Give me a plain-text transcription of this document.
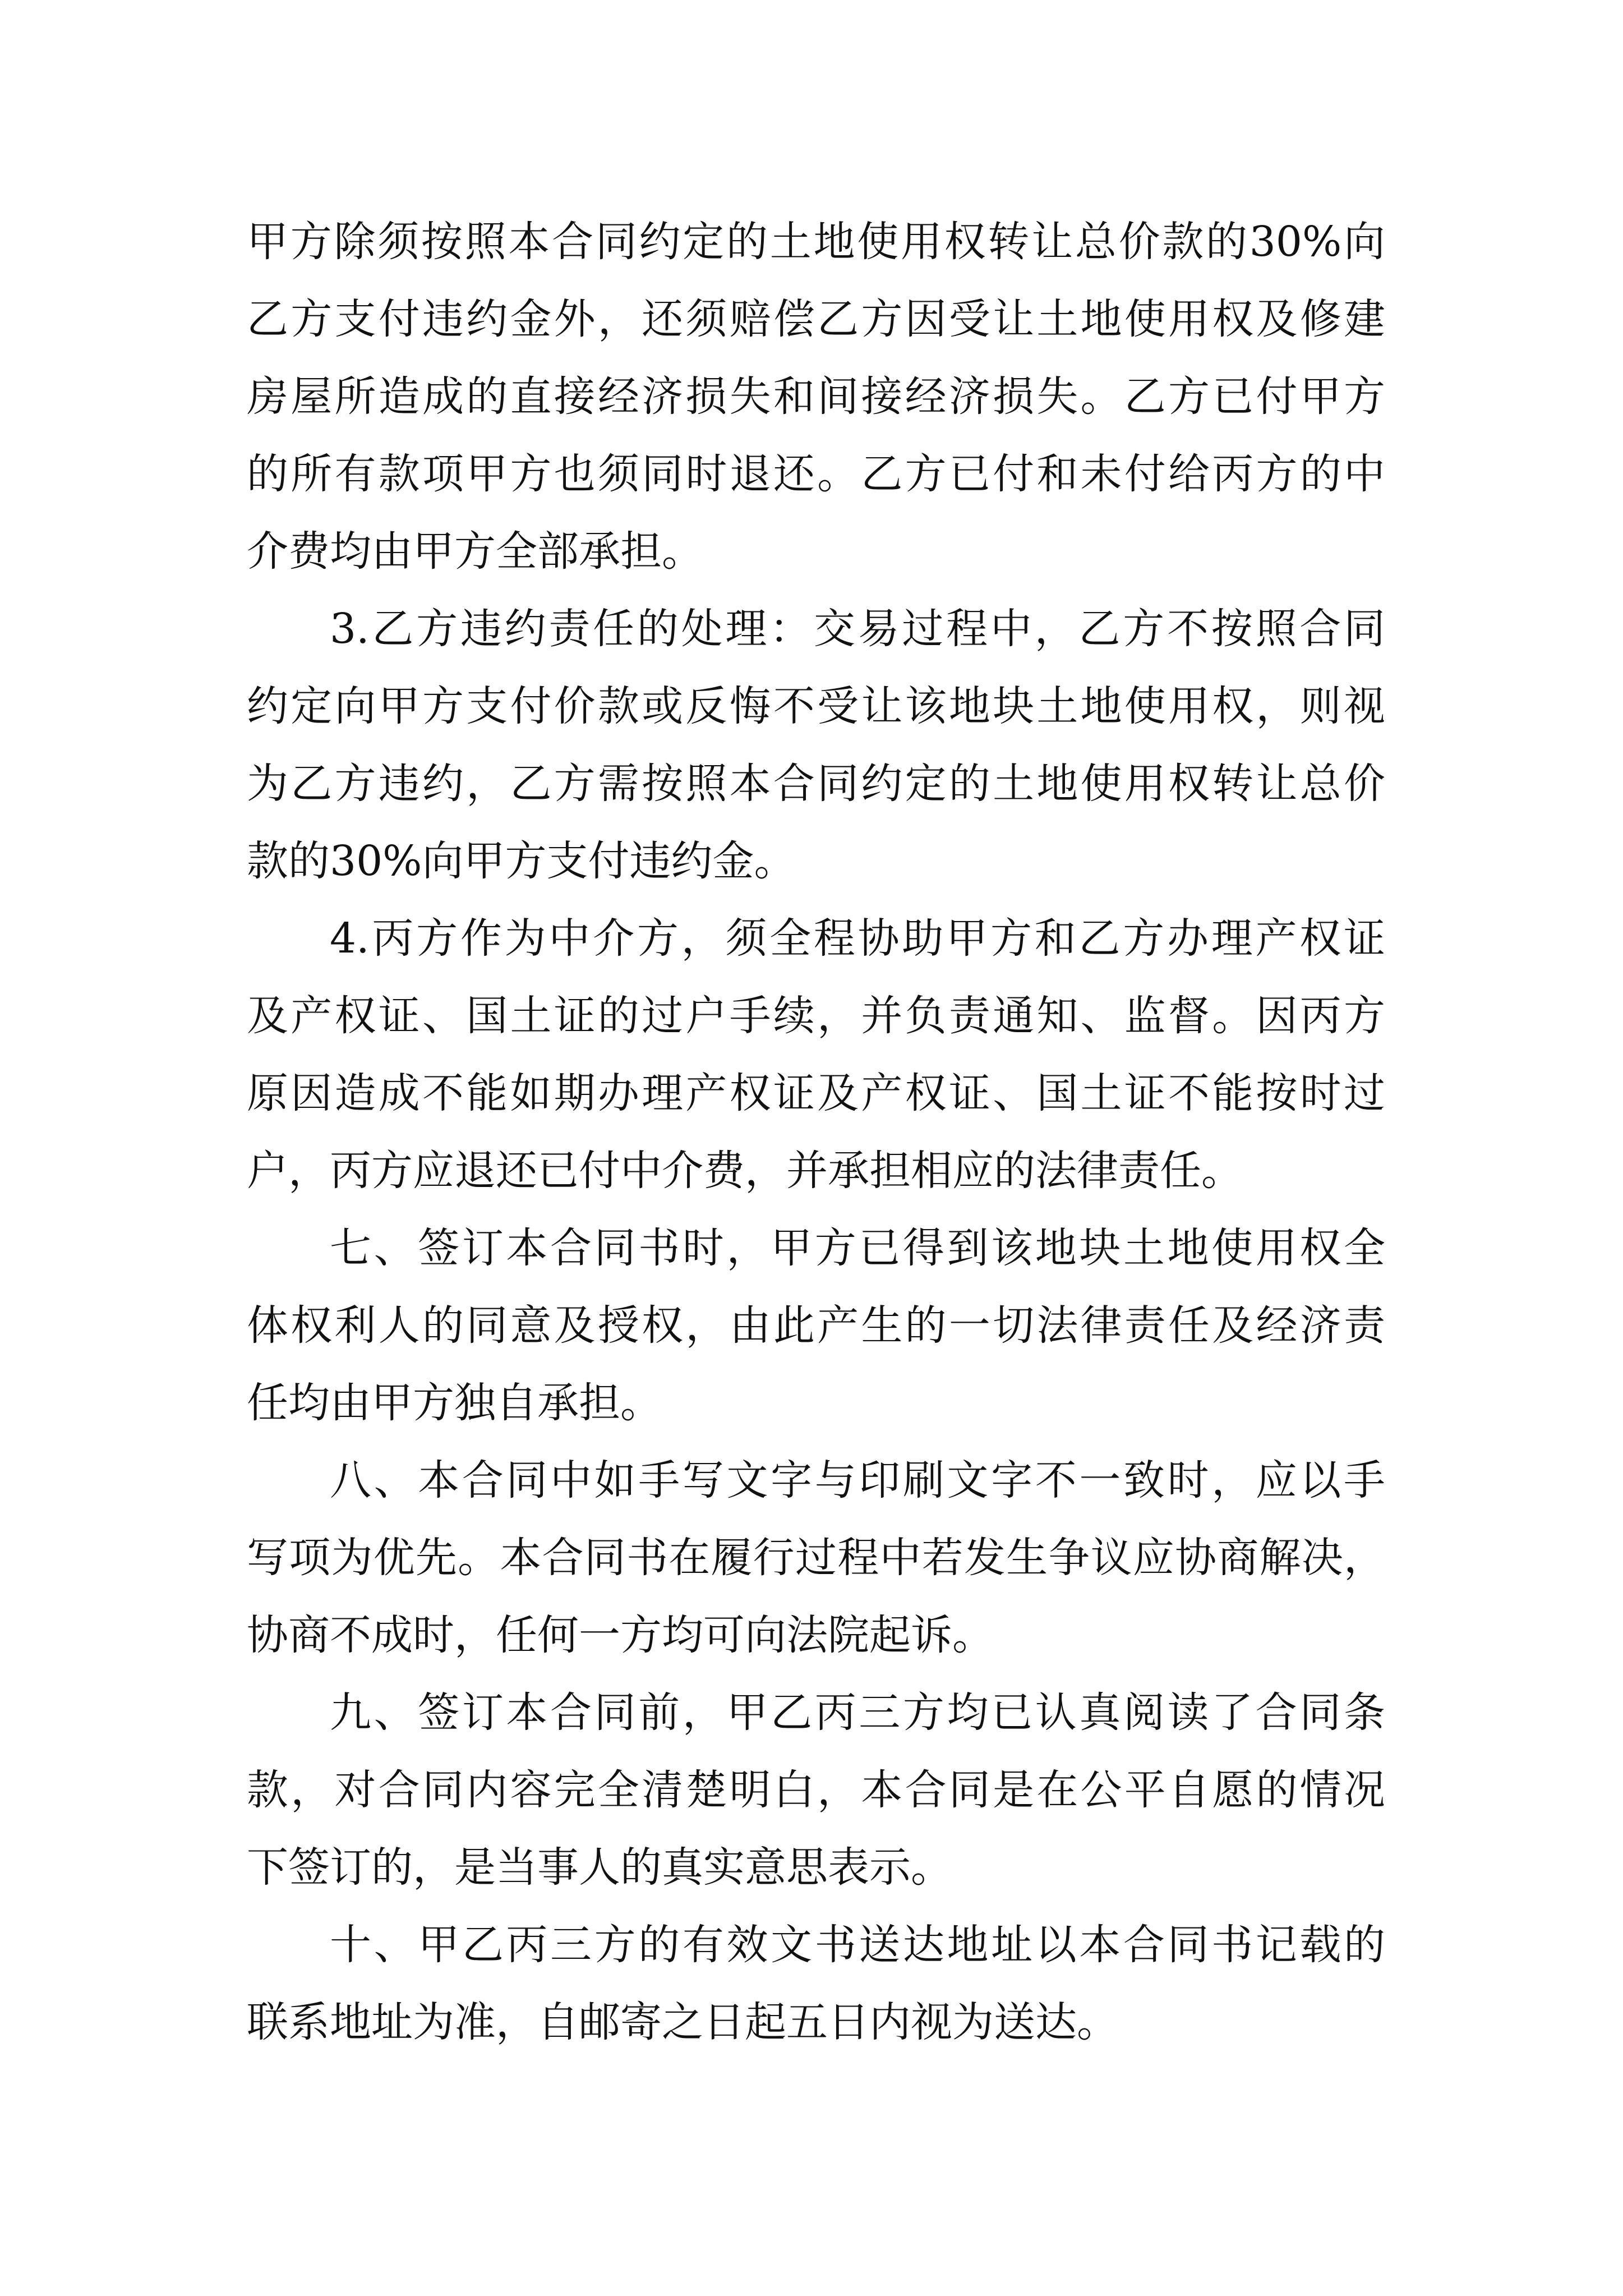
甲方除须按照本合同约定的土地使用权转让总价款的30%向
乙方支付违约金外，还须赔偿乙方因受让土地使用权及修建
房屋所造成的直接经济损失和间接经济损失。乙方已付甲方
的所有款项甲方也须同时退还。乙方已付和未付给丙方的中
介费均由甲方全部承担。
3.乙方违约责任的处理：交易过程中，乙方不按照合同
约定向甲方支付价款或反悔不受让该地块土地使用权，则视
为乙方违约，乙方需按照本合同约定的土地使用权转让总价
款的30%向甲方支付违约金。
4.丙方作为中介方，须全程协助甲方和乙方办理产权证
及产权证、国土证的过户手续，并负责通知、监督。因丙方
原因造成不能如期办理产权证及产权证、国土证不能按时过
户，丙方应退还已付中介费，并承担相应的法律责任。
七、签订本合同书时，甲方已得到该地块土地使用权全
体权利人的同意及授权，由此产生的一切法律责任及经济责
任均由甲方独自承担。
八、本合同中如手写文字与印刷文字不一致时，应以手
写项为优先。本合同书在履行过程中若发生争议应协商解决，
协商不成时，任何一方均可向法院起诉。
九、签订本合同前，甲乙丙三方均已认真阅读了合同条
款，对合同内容完全清楚明白，本合同是在公平自愿的情况
下签订的，是当事人的真实意思表示。
十、甲乙丙三方的有效文书送达地址以本合同书记载的
联系地址为准，自邮寄之日起五日内视为送达。
